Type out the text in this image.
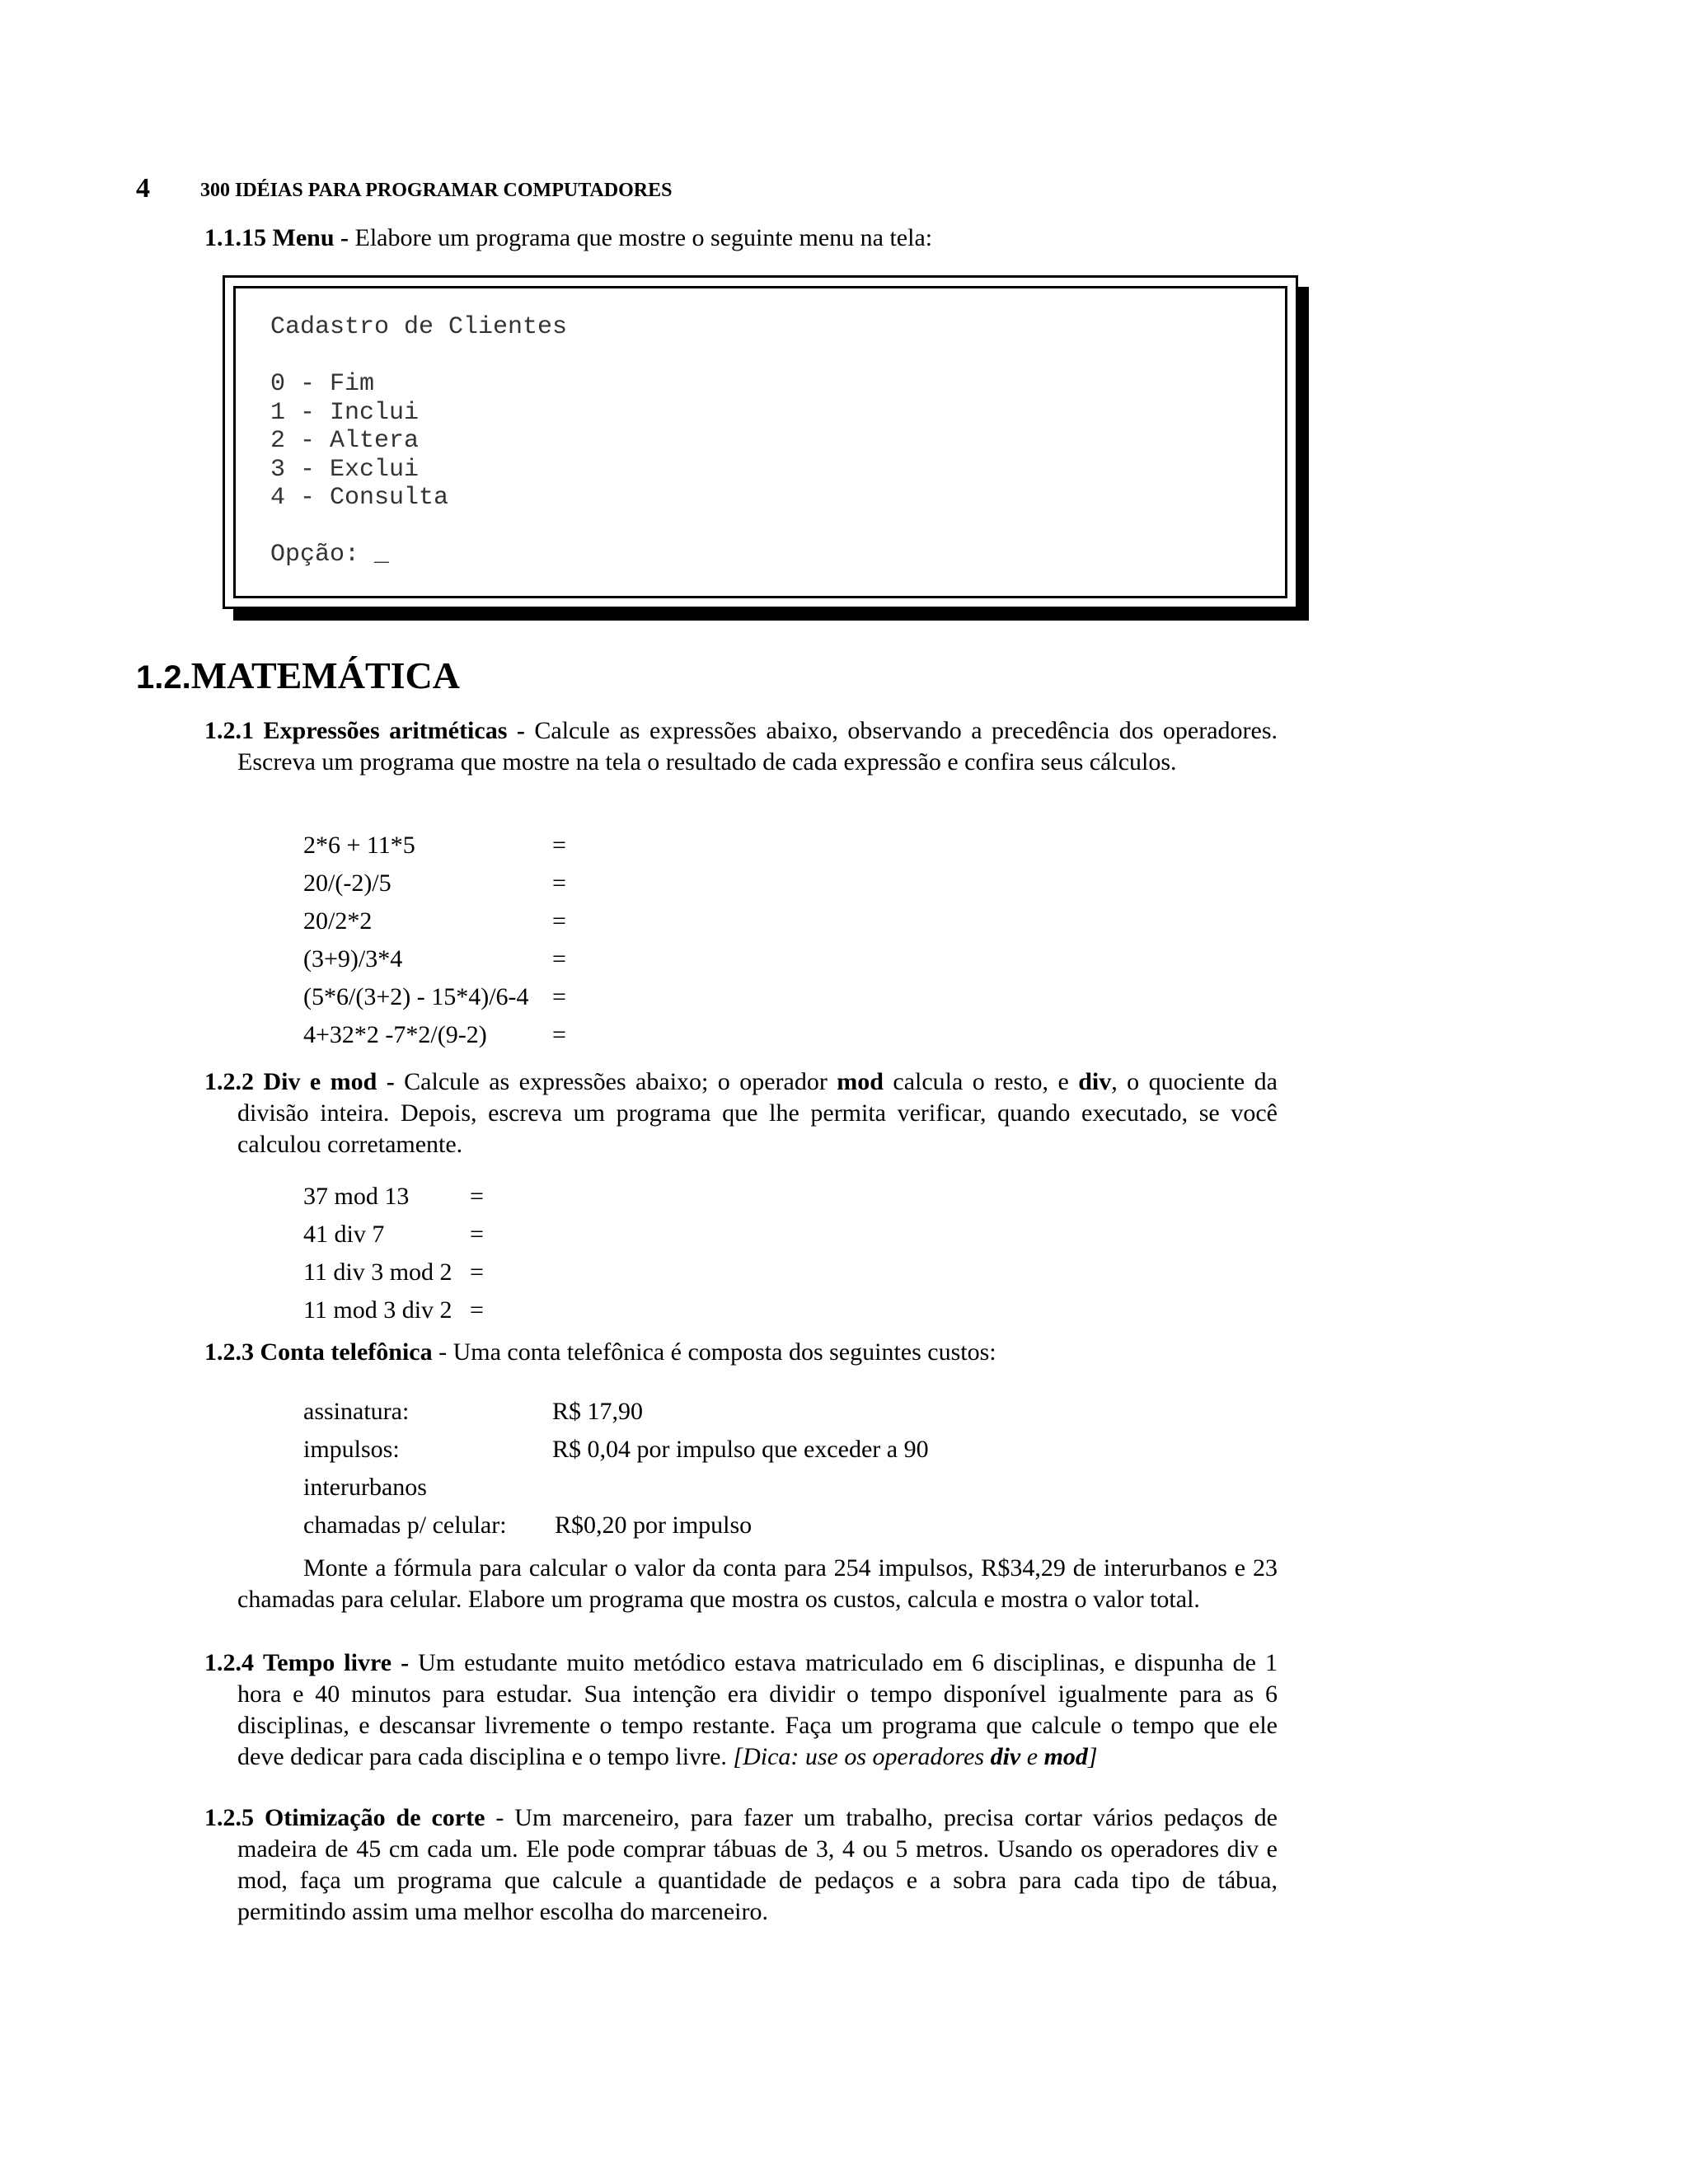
4	300 IDÉIAS PARA PROGRAMAR COMPUTADORES
1.1.15 Menu - Elabore um programa que mostre o seguinte menu na tela:
Cadastro de Clientes

0 - Fim
1 - Inclui
2 - Altera
3 - Exclui
4 - Consulta

Opção: _
1.2.MATEMÁTICA
1.2.1 Expressões aritméticas - Calcule as expressões abaixo, observando a precedência dos operadores. Escreva um programa que mostre na tela o resultado de cada expressão e confira seus cálculos.
2*6 + 11*5	=
20/(-2)/5	=
20/2*2	=
(3+9)/3*4	=
(5*6/(3+2) - 15*4)/6-4	=
4+32*2 -7*2/(9-2)	=
1.2.2 Div e mod - Calcule as expressões abaixo; o operador mod calcula o resto, e div, o quociente da divisão inteira. Depois, escreva um programa que lhe permita verificar, quando executado, se você calculou corretamente.
37 mod 13	=
41 div 7	=
11 div 3 mod 2	=
11 mod 3 div 2	=
1.2.3 Conta telefônica - Uma conta telefônica é composta dos seguintes custos:
assinatura:	R$ 17,90
impulsos:	R$ 0,04 por impulso que exceder a 90
interurbanos
chamadas p/ celular: R$0,20 por impulso
Monte a fórmula para calcular o valor da conta para 254 impulsos, R$34,29 de interurbanos e 23 chamadas para celular. Elabore um programa que mostra os custos, calcula e mostra o valor total.
1.2.4 Tempo livre - Um estudante muito metódico estava matriculado em 6 disciplinas, e dispunha de 1 hora e 40 minutos para estudar. Sua intenção era dividir o tempo disponível igualmente para as 6 disciplinas, e descansar livremente o tempo restante. Faça um programa que calcule o tempo que ele deve dedicar para cada disciplina e o tempo livre. [Dica: use os operadores div e mod]
1.2.5 Otimização de corte - Um marceneiro, para fazer um trabalho, precisa cortar vários pedaços de madeira de 45 cm cada um. Ele pode comprar tábuas de 3, 4 ou 5 metros. Usando os operadores div e mod, faça um programa que calcule a quantidade de pedaços e a sobra para cada tipo de tábua, permitindo assim uma melhor escolha do marceneiro.
